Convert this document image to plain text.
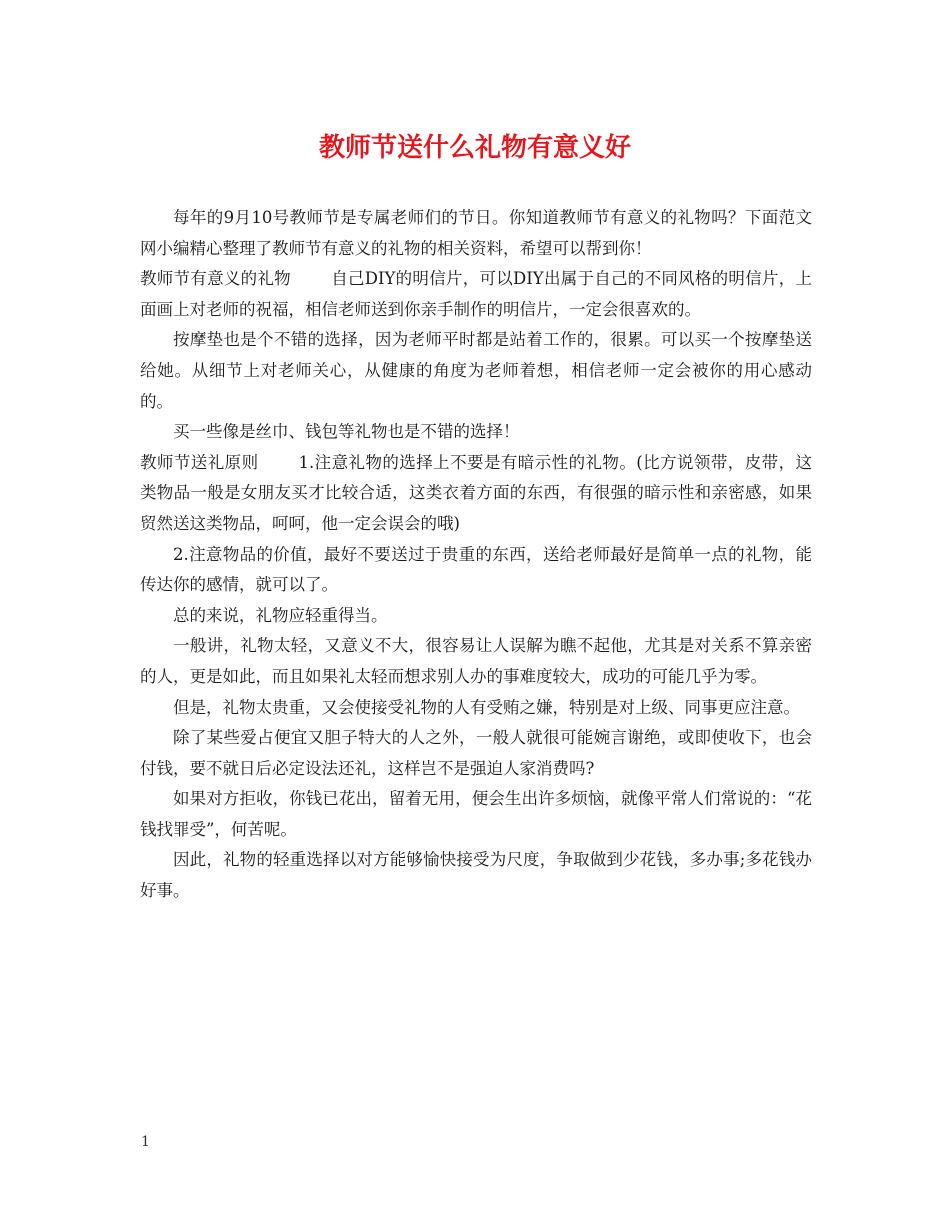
教师节送什么礼物有意义好

每年的9月10号教师节是专属老师们的节日。你知道教师节有意义的礼物吗？下面范文网小编精心整理了教师节有意义的礼物的相关资料，希望可以帮到你！

教师节有意义的礼物 自己DIY的明信片，可以DIY出属于自己的不同风格的明信片，上面画上对老师的祝福，相信老师送到你亲手制作的明信片，一定会很喜欢的。

按摩垫也是个不错的选择，因为老师平时都是站着工作的，很累。可以买一个按摩垫送给她。从细节上对老师关心，从健康的角度为老师着想，相信老师一定会被你的用心感动的。

买一些像是丝巾、钱包等礼物也是不错的选择！

教师节送礼原则 1.注意礼物的选择上不要是有暗示性的礼物。(比方说领带，皮带，这类物品一般是女朋友买才比较合适，这类衣着方面的东西，有很强的暗示性和亲密感，如果贸然送这类物品，呵呵，他一定会误会的哦)

2.注意物品的价值，最好不要送过于贵重的东西，送给老师最好是简单一点的礼物，能传达你的感情，就可以了。

总的来说，礼物应轻重得当。

一般讲，礼物太轻，又意义不大，很容易让人误解为瞧不起他，尤其是对关系不算亲密的人，更是如此，而且如果礼太轻而想求别人办的事难度较大，成功的可能几乎为零。

但是，礼物太贵重，又会使接受礼物的人有受贿之嫌，特别是对上级、同事更应注意。

除了某些爱占便宜又胆子特大的人之外，一般人就很可能婉言谢绝，或即使收下，也会付钱，要不就日后必定设法还礼，这样岂不是强迫人家消费吗?

如果对方拒收，你钱已花出，留着无用，便会生出许多烦恼，就像平常人们常说的：“花钱找罪受”，何苦呢。

因此，礼物的轻重选择以对方能够愉快接受为尺度，争取做到少花钱，多办事;多花钱办好事。

1
